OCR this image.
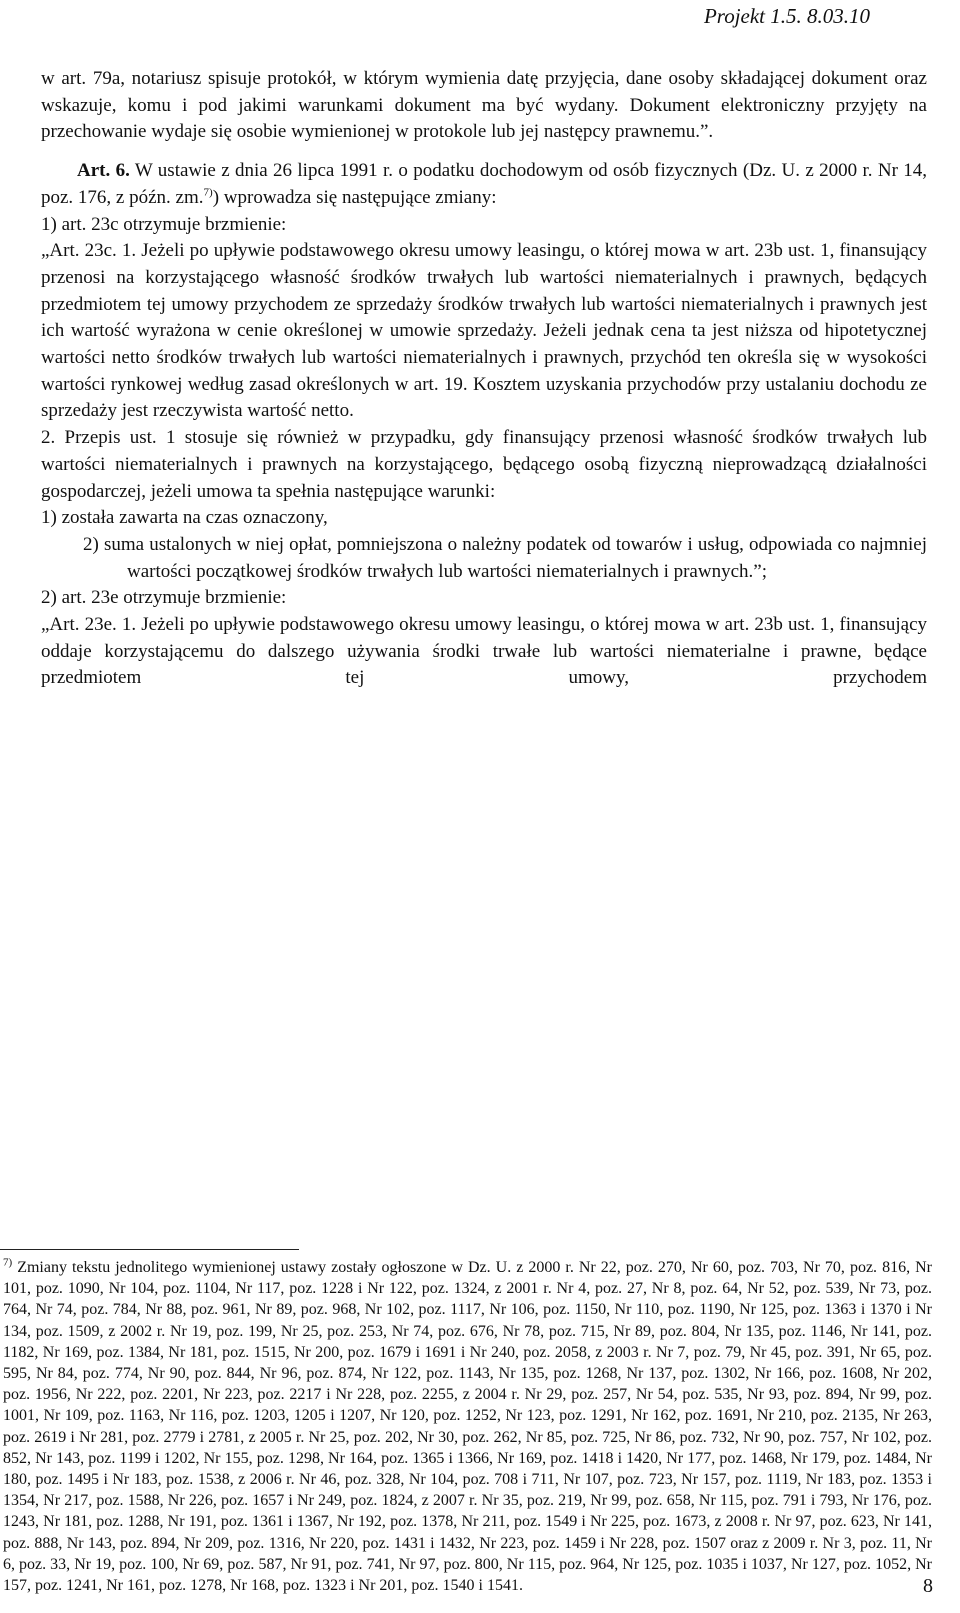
Projekt 1.5. 8.03.10

w art. 79a, notariusz spisuje protokół, w którym wymienia datę przyjęcia, dane osoby składającej dokument oraz wskazuje, komu i pod jakimi warunkami dokument ma być wydany. Dokument elektroniczny przyjęty na przechowanie wydaje się osobie wymienionej w protokole lub jej następcy prawnemu.”.

Art. 6. W ustawie z dnia 26 lipca 1991 r. o podatku dochodowym od osób fizycznych (Dz. U. z 2000 r. Nr 14, poz. 176, z późn. zm.$^{7)}$) wprowadza się następujące zmiany:

1) art. 23c otrzymuje brzmienie:

„Art. 23c. 1. Jeżeli po upływie podstawowego okresu umowy leasingu, o której mowa w art. 23b ust. 1, finansujący przenosi na korzystającego własność środków trwałych lub wartości niematerialnych i prawnych, będących przedmiotem tej umowy przychodem ze sprzedaży środków trwałych lub wartości niematerialnych i prawnych jest ich wartość wyrażona w cenie określonej w umowie sprzedaży. Jeżeli jednak cena ta jest niższa od hipotetycznej wartości netto środków trwałych lub wartości niematerialnych i prawnych, przychód ten określa się w wysokości wartości rynkowej według zasad określonych w art. 19. Kosztem uzyskania przychodów przy ustalaniu dochodu ze sprzedaży jest rzeczywista wartość netto.

2. Przepis ust. 1 stosuje się również w przypadku, gdy finansujący przenosi własność środków trwałych lub wartości niematerialnych i prawnych na korzystającego, będącego osobą fizyczną nieprowadzącą działalności gospodarczej, jeżeli umowa ta spełnia następujące warunki:

1) została zawarta na czas oznaczony,

2) suma ustalonych w niej opłat, pomniejszona o należny podatek od towarów i usług, odpowiada co najmniej wartości początkowej środków trwałych lub wartości niematerialnych i prawnych.”;

2) art. 23e otrzymuje brzmienie:

„Art. 23e. 1. Jeżeli po upływie podstawowego okresu umowy leasingu, o której mowa w art. 23b ust. 1, finansujący oddaje korzystającemu do dalszego używania środki trwałe lub wartości niematerialne i prawne, będące przedmiotem tej umowy, przychodem

$^{7)}$ Zmiany tekstu jednolitego wymienionej ustawy zostały ogłoszone w Dz. U. z 2000 r. Nr 22, poz. 270, Nr 60, poz. 703, Nr 70, poz. 816, Nr 101, poz. 1090, Nr 104, poz. 1104, Nr 117, poz. 1228 i Nr 122, poz. 1324, z 2001 r. Nr 4, poz. 27, Nr 8, poz. 64, Nr 52, poz. 539, Nr 73, poz. 764, Nr 74, poz. 784, Nr 88, poz. 961, Nr 89, poz. 968, Nr 102, poz. 1117, Nr 106, poz. 1150, Nr 110, poz. 1190, Nr 125, poz. 1363 i 1370 i Nr 134, poz. 1509, z 2002 r. Nr 19, poz. 199, Nr 25, poz. 253, Nr 74, poz. 676, Nr 78, poz. 715, Nr 89, poz. 804, Nr 135, poz. 1146, Nr 141, poz. 1182, Nr 169, poz. 1384, Nr 181, poz. 1515, Nr 200, poz. 1679 i 1691 i Nr 240, poz. 2058, z 2003 r. Nr 7, poz. 79, Nr 45, poz. 391, Nr 65, poz. 595, Nr 84, poz. 774, Nr 90, poz. 844, Nr 96, poz. 874, Nr 122, poz. 1143, Nr 135, poz. 1268, Nr 137, poz. 1302, Nr 166, poz. 1608, Nr 202, poz. 1956, Nr 222, poz. 2201, Nr 223, poz. 2217 i Nr 228, poz. 2255, z 2004 r. Nr 29, poz. 257, Nr 54, poz. 535, Nr 93, poz. 894, Nr 99, poz. 1001, Nr 109, poz. 1163, Nr 116, poz. 1203, 1205 i 1207, Nr 120, poz. 1252, Nr 123, poz. 1291, Nr 162, poz. 1691, Nr 210, poz. 2135, Nr 263, poz. 2619 i Nr 281, poz. 2779 i 2781, z 2005 r. Nr 25, poz. 202, Nr 30, poz. 262, Nr 85, poz. 725, Nr 86, poz. 732, Nr 90, poz. 757, Nr 102, poz. 852, Nr 143, poz. 1199 i 1202, Nr 155, poz. 1298, Nr 164, poz. 1365 i 1366, Nr 169, poz. 1418 i 1420, Nr 177, poz. 1468, Nr 179, poz. 1484, Nr 180, poz. 1495 i Nr 183, poz. 1538, z 2006 r. Nr 46, poz. 328, Nr 104, poz. 708 i 711, Nr 107, poz. 723, Nr 157, poz. 1119, Nr 183, poz. 1353 i 1354, Nr 217, poz. 1588, Nr 226, poz. 1657 i Nr 249, poz. 1824, z 2007 r. Nr 35, poz. 219, Nr 99, poz. 658, Nr 115, poz. 791 i 793, Nr 176, poz. 1243, Nr 181, poz. 1288, Nr 191, poz. 1361 i 1367, Nr 192, poz. 1378, Nr 211, poz. 1549 i Nr 225, poz. 1673, z 2008 r. Nr 97, poz. 623, Nr 141, poz. 888, Nr 143, poz. 894, Nr 209, poz. 1316, Nr 220, poz. 1431 i 1432, Nr 223, poz. 1459 i Nr 228, poz. 1507 oraz z 2009 r. Nr 3, poz. 11, Nr 6, poz. 33, Nr 19, poz. 100, Nr 69, poz. 587, Nr 91, poz. 741, Nr 97, poz. 800, Nr 115, poz. 964, Nr 125, poz. 1035 i 1037, Nr 127, poz. 1052, Nr 157, poz. 1241, Nr 161, poz. 1278, Nr 168, poz. 1323 i Nr 201, poz. 1540 i 1541.	8
